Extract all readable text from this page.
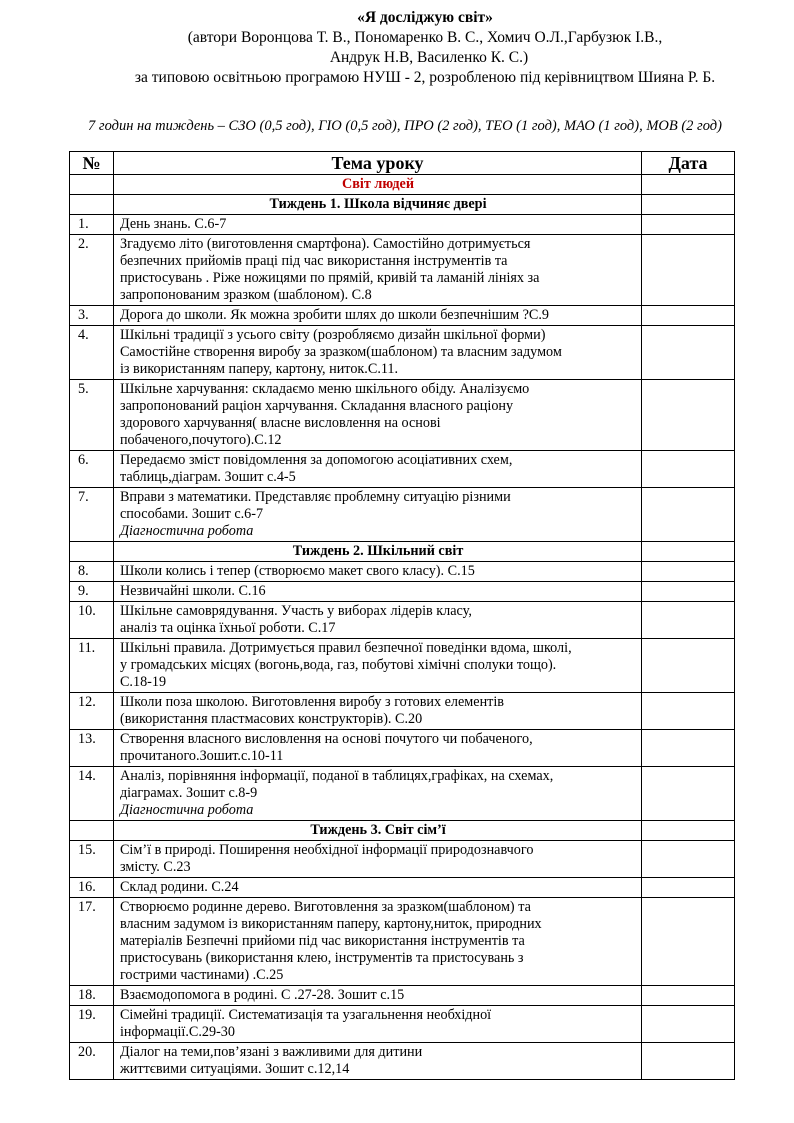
«Я досліджую світ»
(автори Воронцова Т. В., Пономаренко В. С., Хомич О.Л.,Гарбузюк І.В.,
Андрук Н.В, Василенко К. С.)
за типовою освітньою програмою НУШ - 2, розробленою під керівництвом Шияна Р. Б.
7 годин на тиждень – СЗО (0,5 год), ГІО (0,5 год), ПРО (2 год), ТЕО (1 год), МАО (1 год), МОВ (2 год)
№	Тема уроку	Дата
	Світ людей	
	Тиждень 1. Школа відчиняє двері	
1.	День знань. С.6-7	

2.	Згадуємо літо (виготовлення смартфона). Самостійно дотримується
безпечних прийомів праці під час використання інструментів та
пристосувань . Ріже ножицями по прямій, кривій та ламаній лініях за
запропонованим зразком (шаблоном). С.8	

3.	Дорога до школи. Як можна зробити шлях до школи безпечнішим ?С.9	

4.	Шкільні традиції з усього світу (розробляємо дизайн шкільної форми)
Самостійне створення виробу за зразком(шаблоном) та власним задумом
із використанням паперу, картону, ниток.С.11.	

5.	Шкільне харчування: складаємо меню шкільного обіду. Аналізуємо
запропонований раціон харчування. Складання власного раціону
здорового харчування( власне висловлення на основі
побаченого,почутого).С.12	

6.	Передаємо зміст повідомлення за допомогою асоціативних схем,
таблиць,діаграм. Зошит с.4-5	

7.	Вправи з математики. Представляє проблемну ситуацію різними
способами. Зошит с.6-7
Діагностична робота	

	Тиждень 2. Шкільний світ	
8.	Школи колись і тепер (створюємо макет свого класу). С.15	

9.	Незвичайні школи. С.16	

10.	Шкільне самоврядування. Участь у виборах лідерів класу,
аналіз та оцінка їхньої роботи. С.17	

11.	Шкільні правила. Дотримується правил безпечної поведінки вдома, школі,
у громадських місцях (вогонь,вода, газ, побутові хімічні сполуки тощо).
С.18-19	

12.	Школи поза школою. Виготовлення виробу з готових елементів
(використання пластмасових конструкторів). С.20	

13.	Створення власного висловлення на основі почутого чи побаченого,
прочитаного.Зошит.с.10-11	

14.	Аналіз, порівняння інформації, поданої в таблицях,графіках, на схемах,
діаграмах. Зошит с.8-9
Діагностична робота	

	Тиждень 3. Світ сім’ї	
15.	Сім’ї в природі. Поширення необхідної інформації природознавчого
змісту. С.23	

16.	Склад родини. С.24	

17.	Створюємо родинне дерево. Виготовлення за зразком(шаблоном) та
власним задумом із використанням паперу, картону,ниток, природних
матеріалів Безпечні прийоми під час використання інструментів та
пристосувань (використання клею, інструментів та пристосувань з
гострими частинами) .С.25	

18.	Взаємодопомога в родині. С .27-28. Зошит с.15	

19.	Сімейні традиції. Систематизація та узагальнення необхідної
інформації.С.29-30	

20.	Діалог на теми,пов’язані з важливими для дитини
життєвими ситуаціями. Зошит с.12,14	
